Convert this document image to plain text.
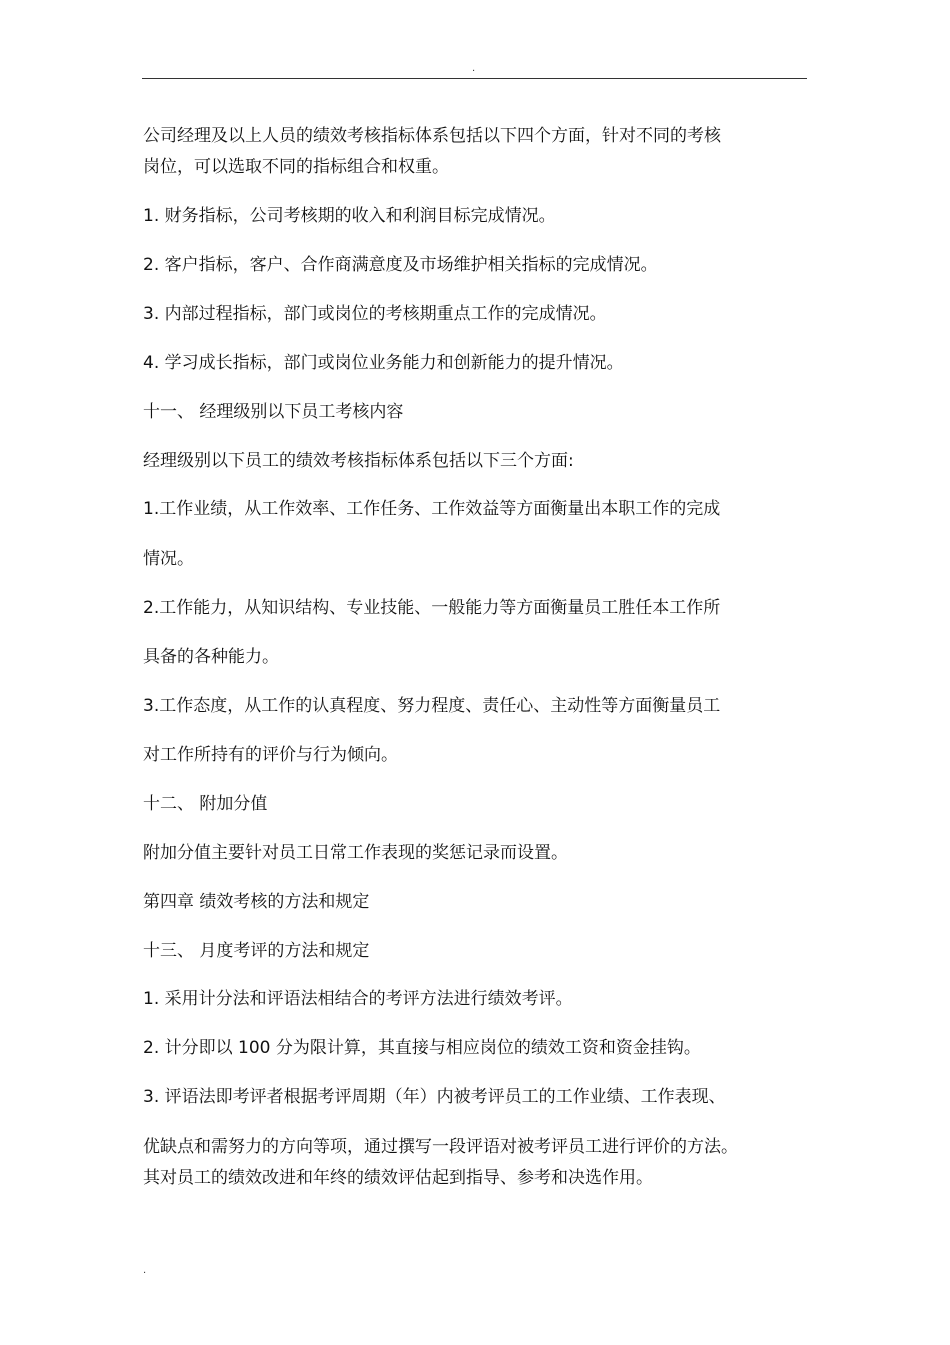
.

公司经理及以上人员的绩效考核指标体系包括以下四个方面，针对不同的考核

岗位，可以选取不同的指标组合和权重。

1. 财务指标，公司考核期的收入和利润目标完成情况。

2. 客户指标，客户、合作商满意度及市场维护相关指标的完成情况。

3. 内部过程指标，部门或岗位的考核期重点工作的完成情况。

4. 学习成长指标，部门或岗位业务能力和创新能力的提升情况。

十一、 经理级别以下员工考核内容

经理级别以下员工的绩效考核指标体系包括以下三个方面:

1.工作业绩，从工作效率、工作任务、工作效益等方面衡量出本职工作的完成

情况。

2.工作能力，从知识结构、专业技能、一般能力等方面衡量员工胜任本工作所

具备的各种能力。

3.工作态度，从工作的认真程度、努力程度、责任心、主动性等方面衡量员工

对工作所持有的评价与行为倾向。

十二、 附加分值

附加分值主要针对员工日常工作表现的奖惩记录而设置。

第四章 绩效考核的方法和规定

十三、 月度考评的方法和规定

1. 采用计分法和评语法相结合的考评方法进行绩效考评。

2. 计分即以 100 分为限计算，其直接与相应岗位的绩效工资和资金挂钩。

3. 评语法即考评者根据考评周期（年）内被考评员工的工作业绩、工作表现、

优缺点和需努力的方向等项，通过撰写一段评语对被考评员工进行评价的方法。

其对员工的绩效改进和年终的绩效评估起到指导、参考和决选作用。

.
